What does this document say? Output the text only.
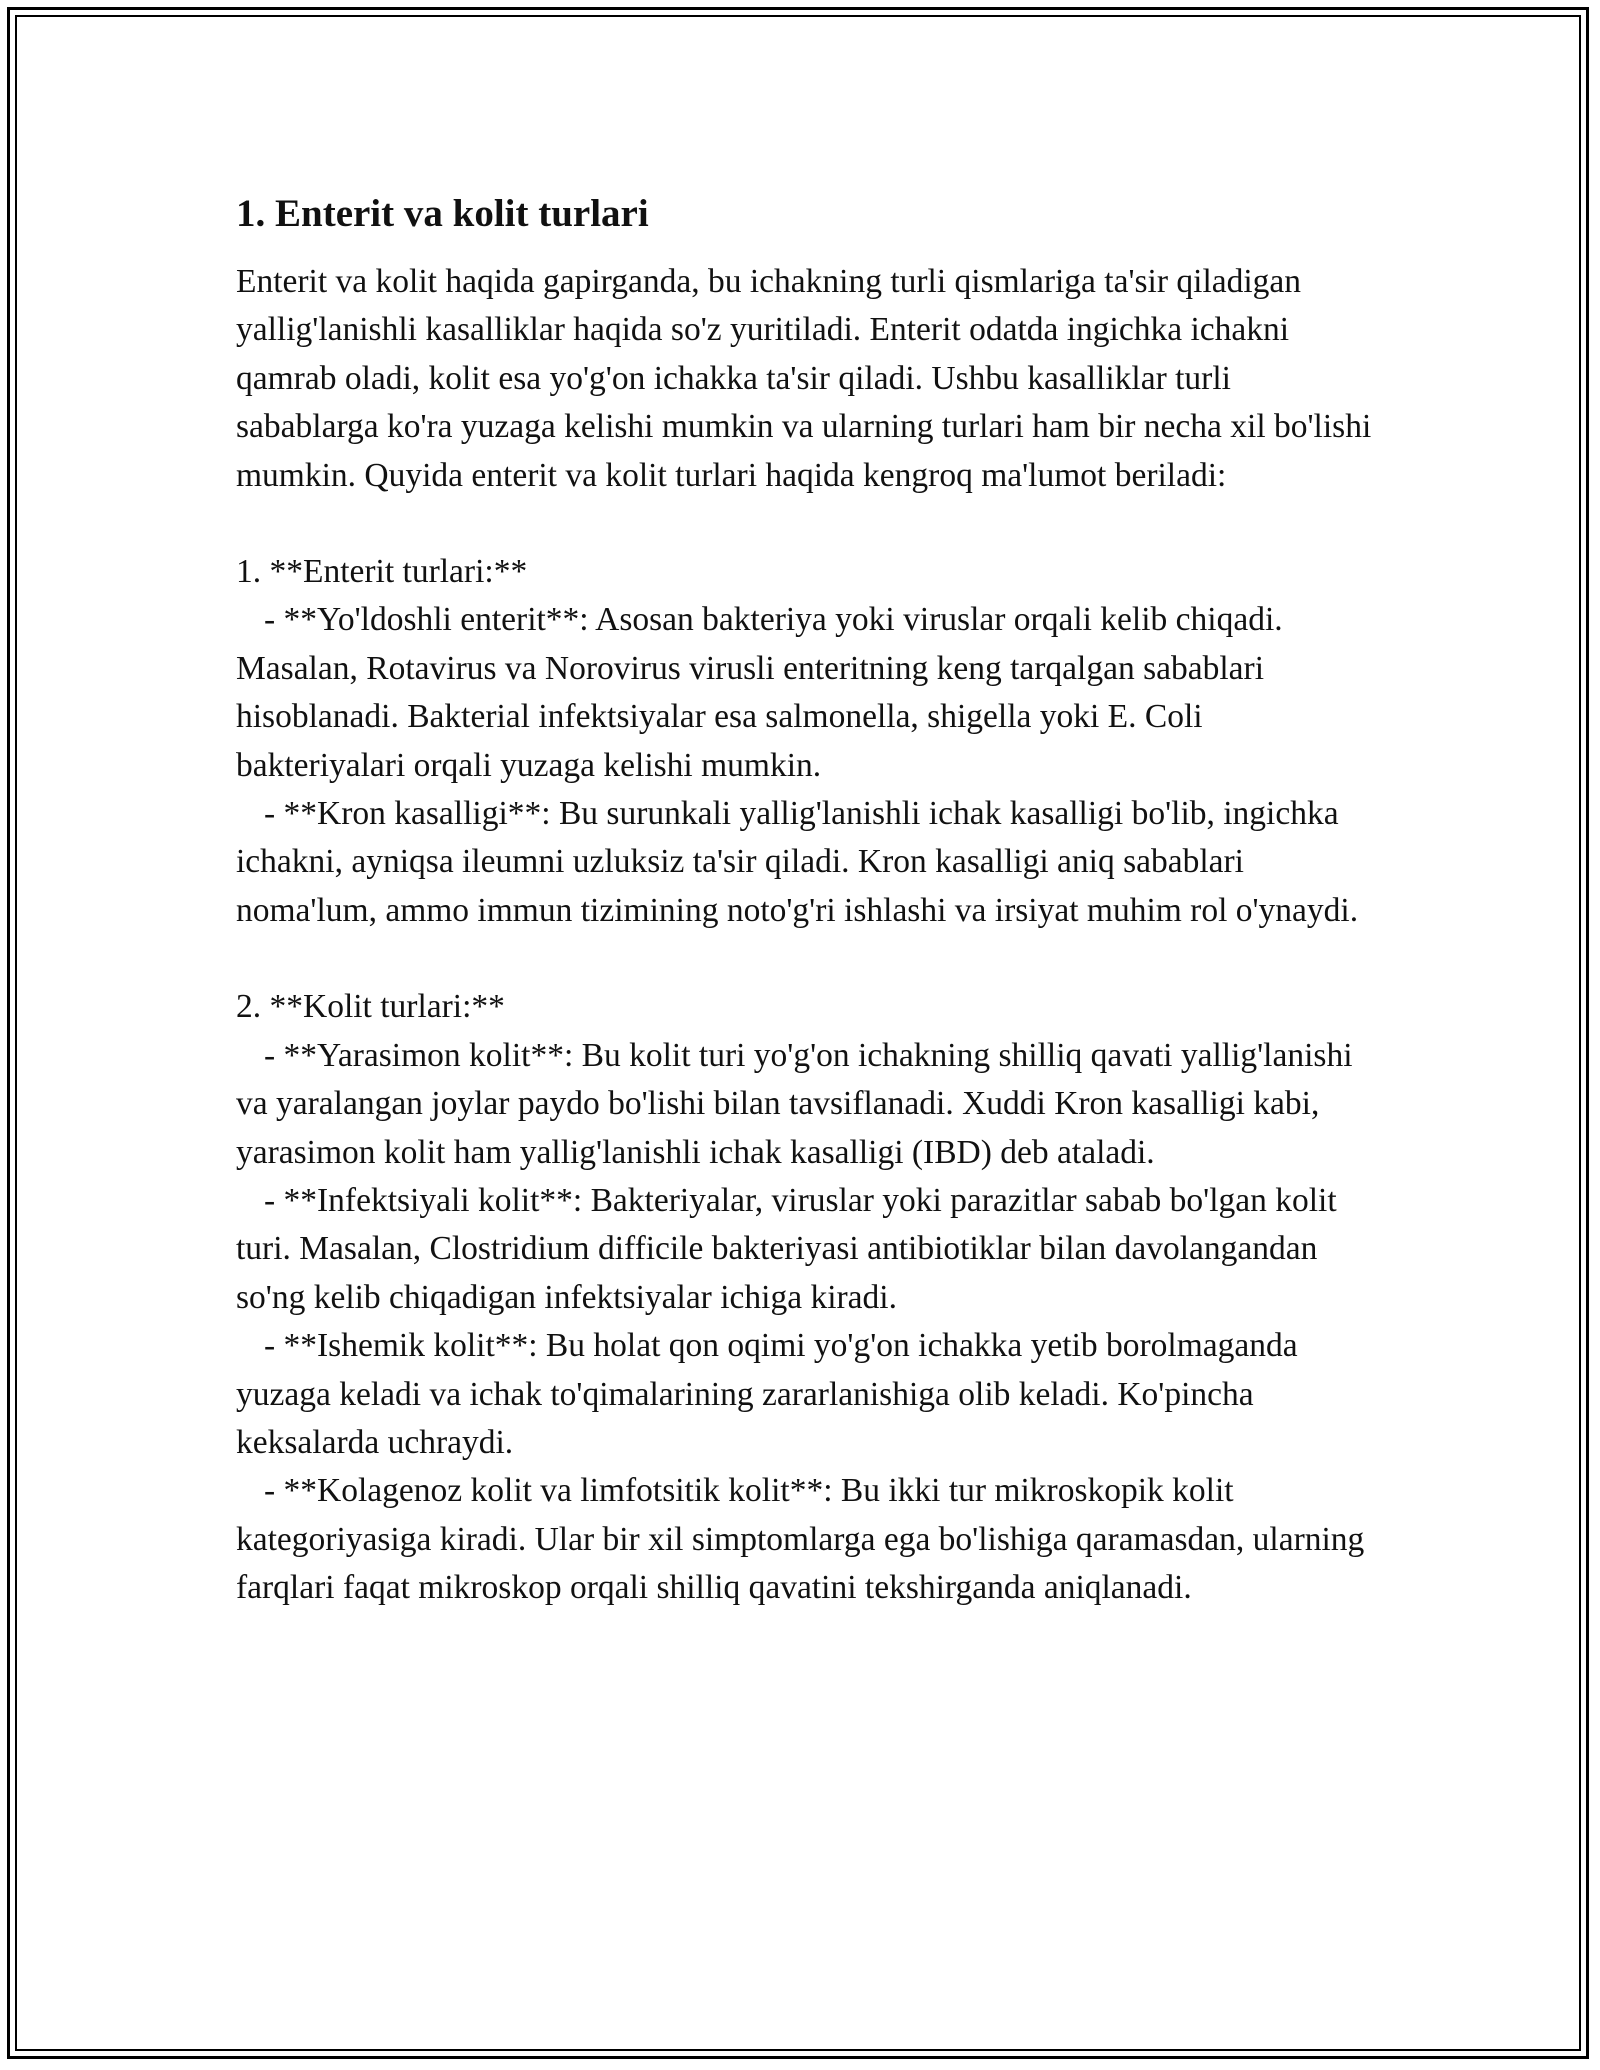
1. Enterit va kolit turlari

Enterit va kolit haqida gapirganda, bu ichakning turli qismlariga ta'sir qiladigan yallig'lanishli kasalliklar haqida so'z yuritiladi. Enterit odatda ingichka ichakni qamrab oladi, kolit esa yo'g'on ichakka ta'sir qiladi. Ushbu kasalliklar turli sabablarga ko'ra yuzaga kelishi mumkin va ularning turlari ham bir necha xil bo'lishi mumkin. Quyida enterit va kolit turlari haqida kengroq ma'lumot beriladi:

1. **Enterit turlari:**

- **Yo'ldoshli enterit**: Asosan bakteriya yoki viruslar orqali kelib chiqadi. Masalan, Rotavirus va Norovirus virusli enteritning keng tarqalgan sabablari hisoblanadi. Bakterial infektsiyalar esa salmonella, shigella yoki E. Coli bakteriyalari orqali yuzaga kelishi mumkin.

- **Kron kasalligi**: Bu surunkali yallig'lanishli ichak kasalligi bo'lib, ingichka ichakni, ayniqsa ileumni uzluksiz ta'sir qiladi. Kron kasalligi aniq sabablari noma'lum, ammo immun tizimining noto'g'ri ishlashi va irsiyat muhim rol o'ynaydi.

2. **Kolit turlari:**

- **Yarasimon kolit**: Bu kolit turi yo'g'on ichakning shilliq qavati yallig'lanishi va yaralangan joylar paydo bo'lishi bilan tavsiflanadi. Xuddi Kron kasalligi kabi, yarasimon kolit ham yallig'lanishli ichak kasalligi (IBD) deb ataladi.

- **Infektsiyali kolit**: Bakteriyalar, viruslar yoki parazitlar sabab bo'lgan kolit turi. Masalan, Clostridium difficile bakteriyasi antibiotiklar bilan davolangandan so'ng kelib chiqadigan infektsiyalar ichiga kiradi.

- **Ishemik kolit**: Bu holat qon oqimi yo'g'on ichakka yetib borolmaganda yuzaga keladi va ichak to'qimalarining zararlanishiga olib keladi. Ko'pincha keksalarda uchraydi.

- **Kolagenoz kolit va limfotsitik kolit**: Bu ikki tur mikroskopik kolit kategoriyasiga kiradi. Ular bir xil simptomlarga ega bo'lishiga qaramasdan, ularning farqlari faqat mikroskop orqali shilliq qavatini tekshirganda aniqlanadi.
